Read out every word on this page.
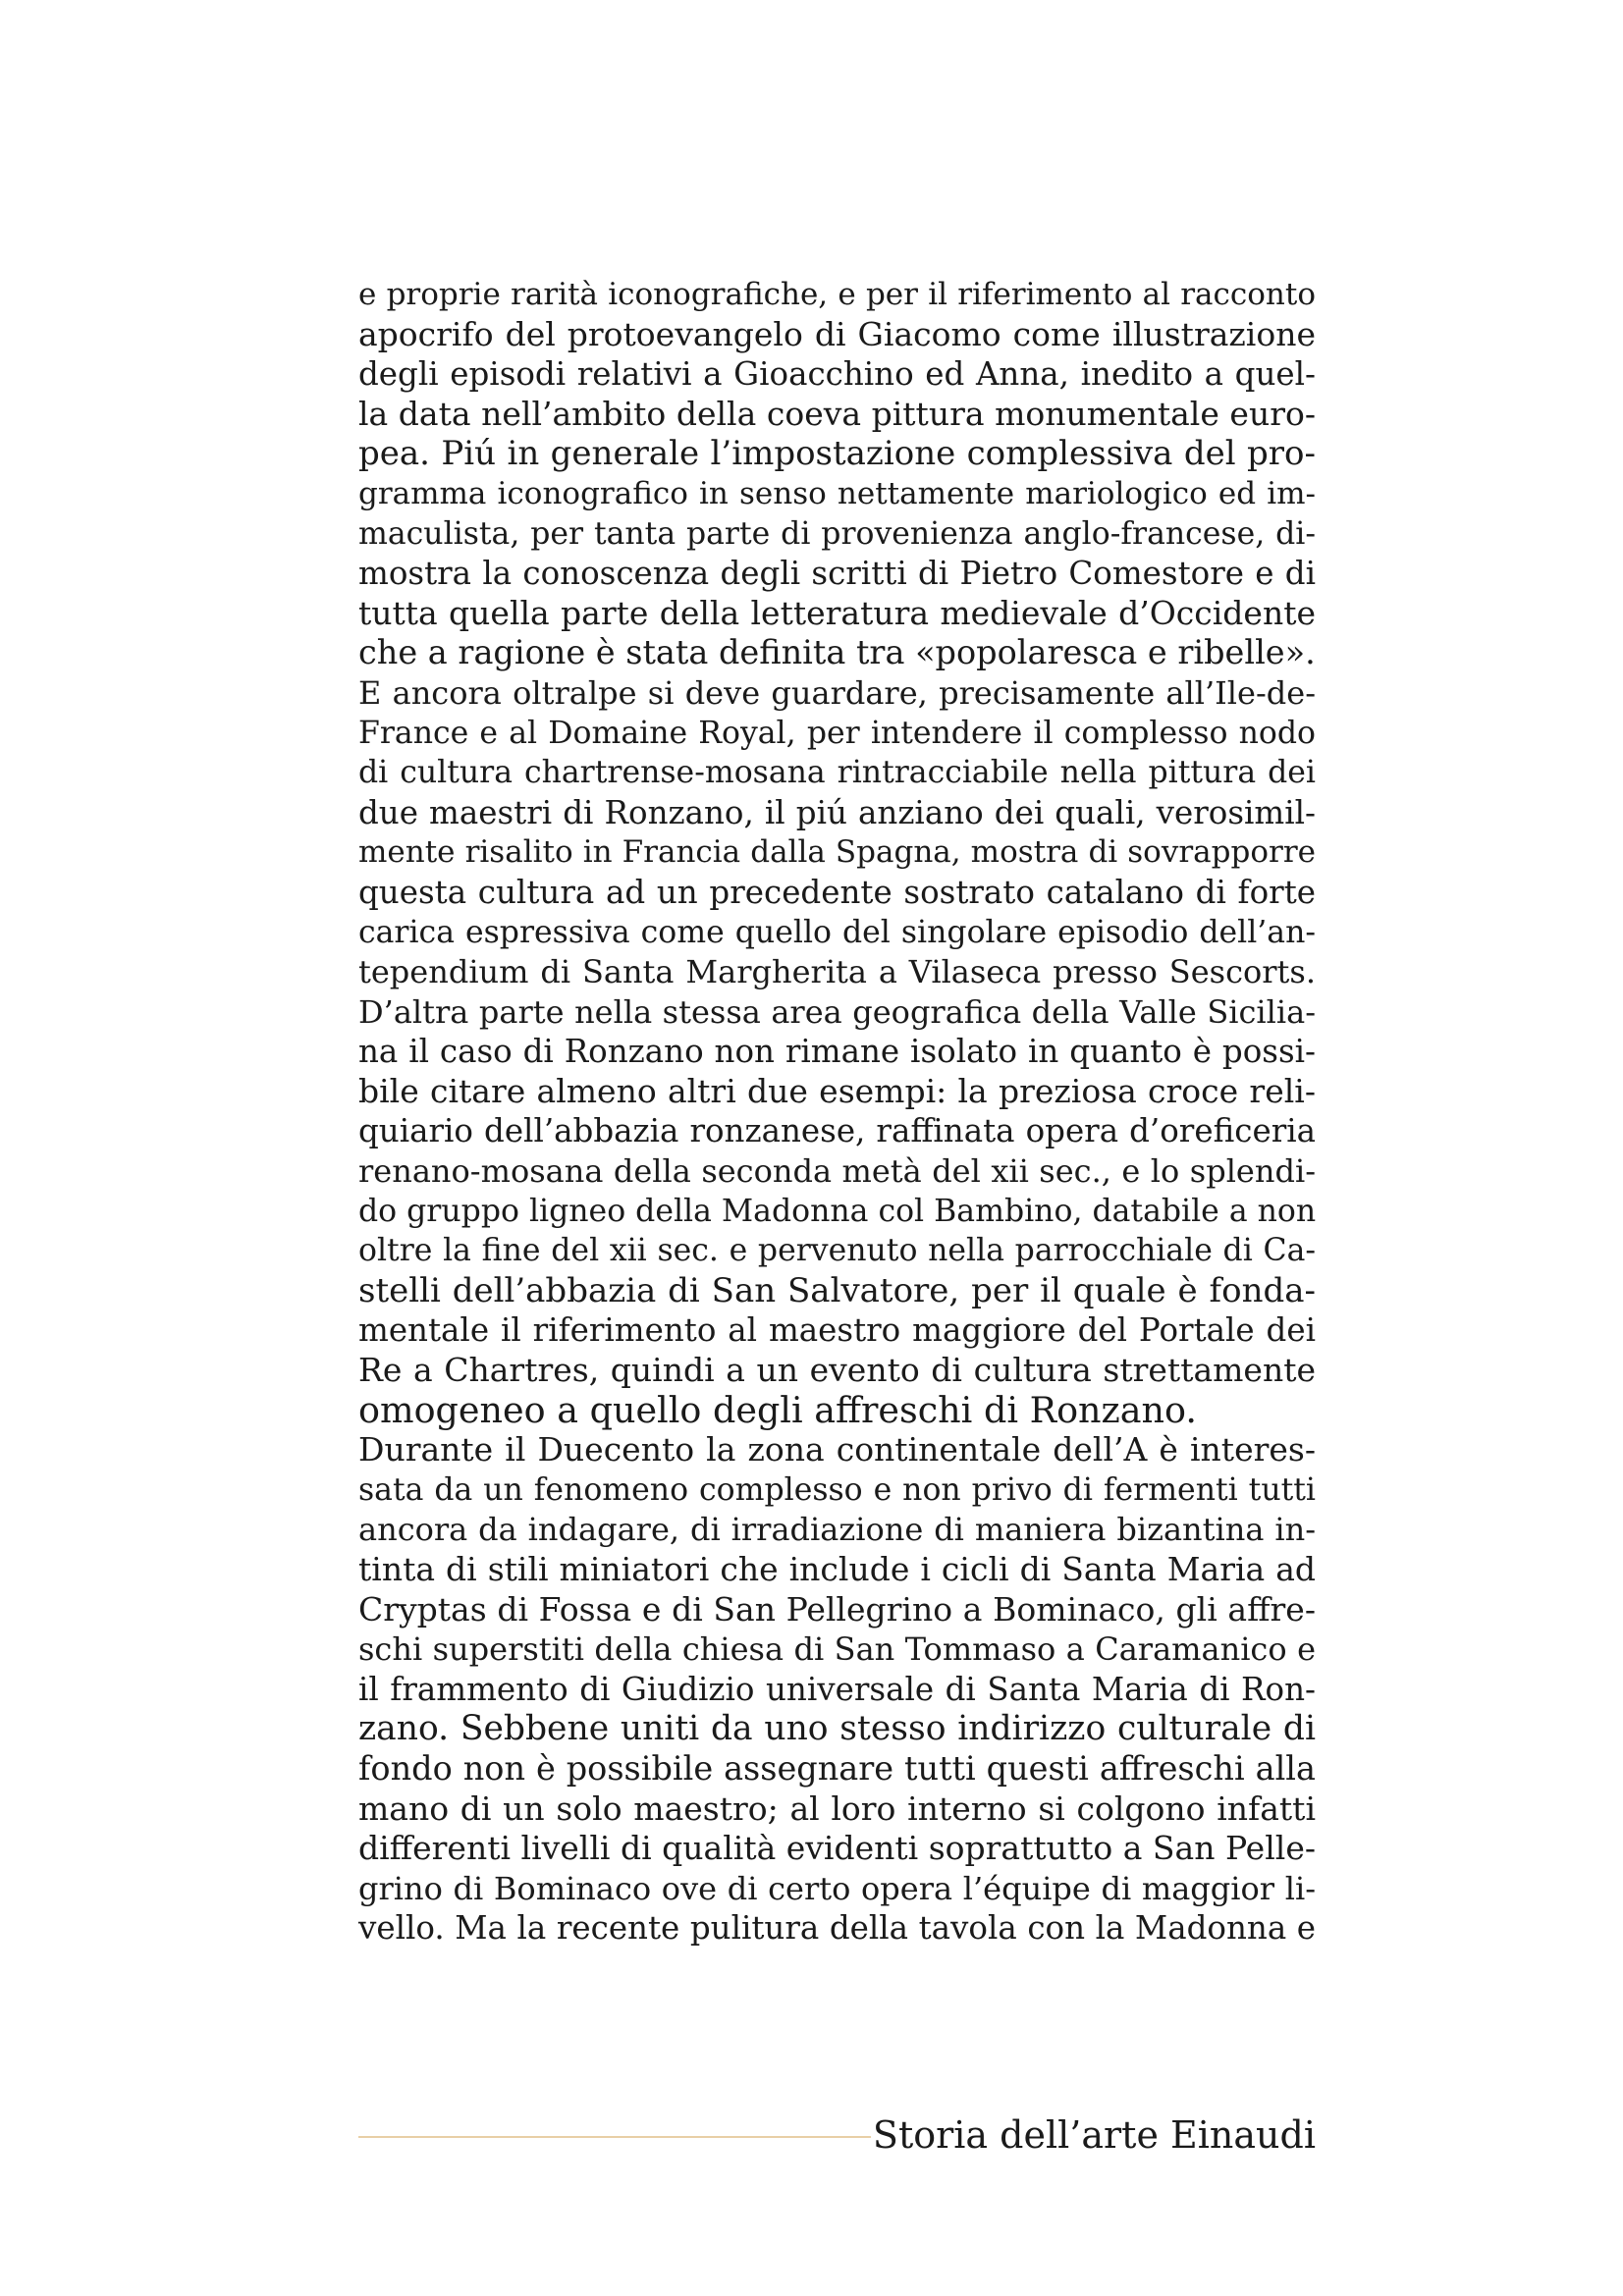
e proprie rarità iconografiche, e per il riferimento al racconto
apocrifo del protoevangelo di Giacomo come illustrazione
degli episodi relativi a Gioacchino ed Anna, inedito a quel-
la data nell’ambito della coeva pittura monumentale euro-
pea. Piú in generale l’impostazione complessiva del pro-
gramma iconografico in senso nettamente mariologico ed im-
maculista, per tanta parte di provenienza anglo-francese, di-
mostra la conoscenza degli scritti di Pietro Comestore e di
tutta quella parte della letteratura medievale d’Occidente
che a ragione è stata definita tra «popolaresca e ribelle».
E ancora oltralpe si deve guardare, precisamente all’Ile-de-
France e al Domaine Royal, per intendere il complesso nodo
di cultura chartrense-mosana rintracciabile nella pittura dei
due maestri di Ronzano, il piú anziano dei quali, verosimil-
mente risalito in Francia dalla Spagna, mostra di sovrapporre
questa cultura ad un precedente sostrato catalano di forte
carica espressiva come quello del singolare episodio dell’an-
tependium di Santa Margherita a Vilaseca presso Sescorts.
D’altra parte nella stessa area geografica della Valle Sicilia-
na il caso di Ronzano non rimane isolato in quanto è possi-
bile citare almeno altri due esempi: la preziosa croce reli-
quiario dell’abbazia ronzanese, raffinata opera d’oreficeria
renano-mosana della seconda metà del xii sec., e lo splendi-
do gruppo ligneo della Madonna col Bambino, databile a non
oltre la fine del xii sec. e pervenuto nella parrocchiale di Ca-
stelli dell’abbazia di San Salvatore, per il quale è fonda-
mentale il riferimento al maestro maggiore del Portale dei
Re a Chartres, quindi a un evento di cultura strettamente
omogeneo a quello degli affreschi di Ronzano.
Durante il Duecento la zona continentale dell’A è interes-
sata da un fenomeno complesso e non privo di fermenti tutti
ancora da indagare, di irradiazione di maniera bizantina in-
tinta di stili miniatori che include i cicli di Santa Maria ad
Cryptas di Fossa e di San Pellegrino a Bominaco, gli affre-
schi superstiti della chiesa di San Tommaso a Caramanico e
il frammento di Giudizio universale di Santa Maria di Ron-
zano. Sebbene uniti da uno stesso indirizzo culturale di
fondo non è possibile assegnare tutti questi affreschi alla
mano di un solo maestro; al loro interno si colgono infatti
differenti livelli di qualità evidenti soprattutto a San Pelle-
grino di Bominaco ove di certo opera l’équipe di maggior li-
vello. Ma la recente pulitura della tavola con la Madonna e
Storia dell’arte Einaudi
